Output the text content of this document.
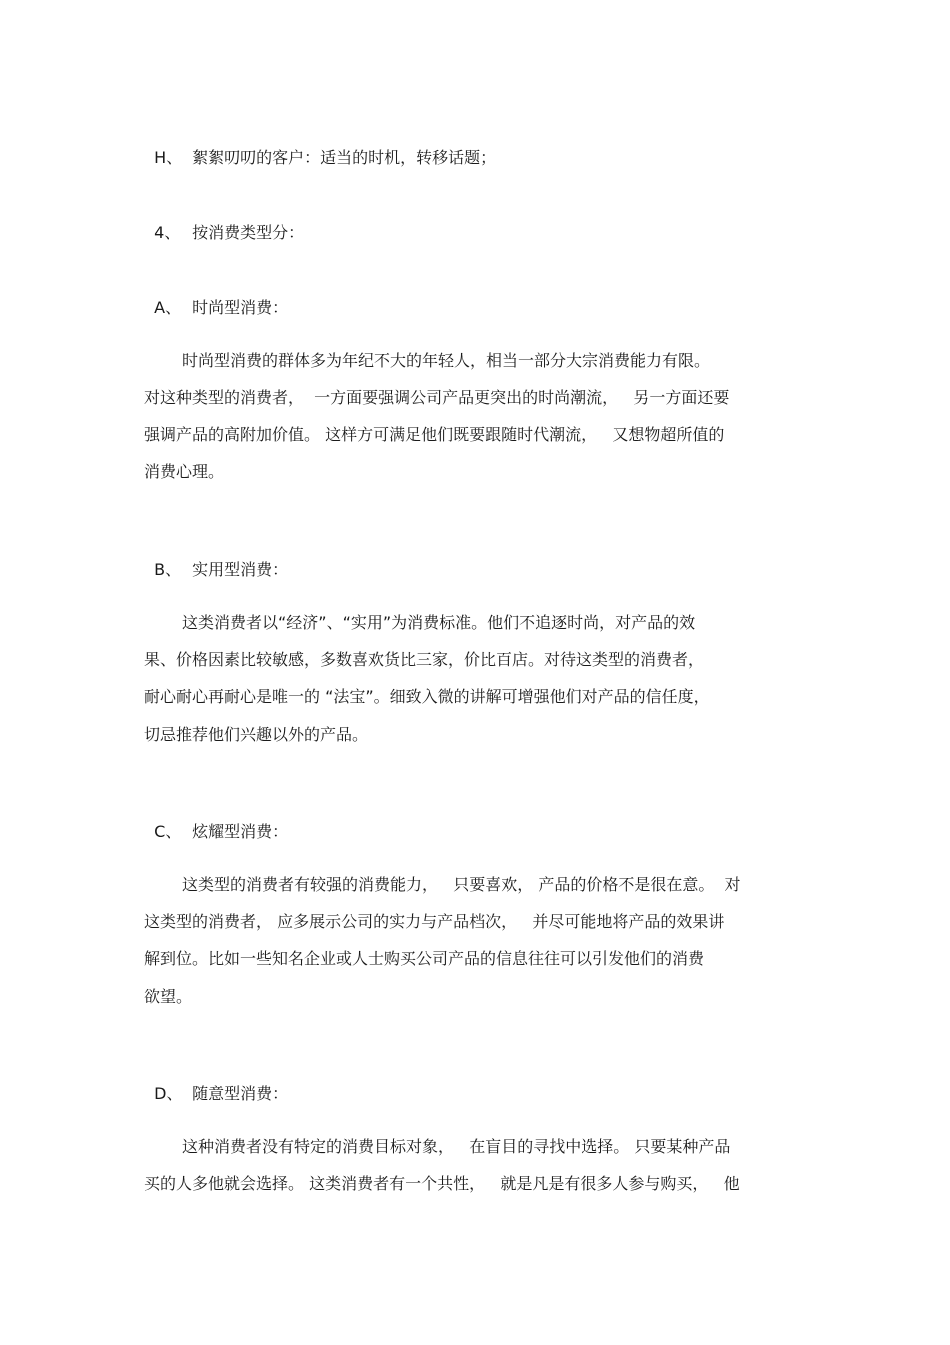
H、 絮絮叨叨的客户：适当的时机，转移话题；

4、 按消费类型分：

A、 时尚型消费：

时尚型消费的群体多为年纪不大的年轻人，相当一部分大宗消费能力有限。
对这种类型的消费者，  一方面要强调公司产品更突出的时尚潮流，   另一方面还要
强调产品的高附加价值。 这样方可满足他们既要跟随时代潮流，   又想物超所值的
消费心理。

B、 实用型消费：

这类消费者以“经济”、“实用”为消费标准。他们不追逐时尚，对产品的效
果、价格因素比较敏感，多数喜欢货比三家，价比百店。对待这类型的消费者，
耐心耐心再耐心是唯一的 “法宝”。细致入微的讲解可增强他们对产品的信任度，
切忌推荐他们兴趣以外的产品。

C、 炫耀型消费：

这类型的消费者有较强的消费能力，   只要喜欢， 产品的价格不是很在意。  对
这类型的消费者， 应多展示公司的实力与产品档次，   并尽可能地将产品的效果讲
解到位。比如一些知名企业或人士购买公司产品的信息往往可以引发他们的消费
欲望。

D、 随意型消费：

这种消费者没有特定的消费目标对象，   在盲目的寻找中选择。 只要某种产品
买的人多他就会选择。 这类消费者有一个共性，   就是凡是有很多人参与购买，   他
